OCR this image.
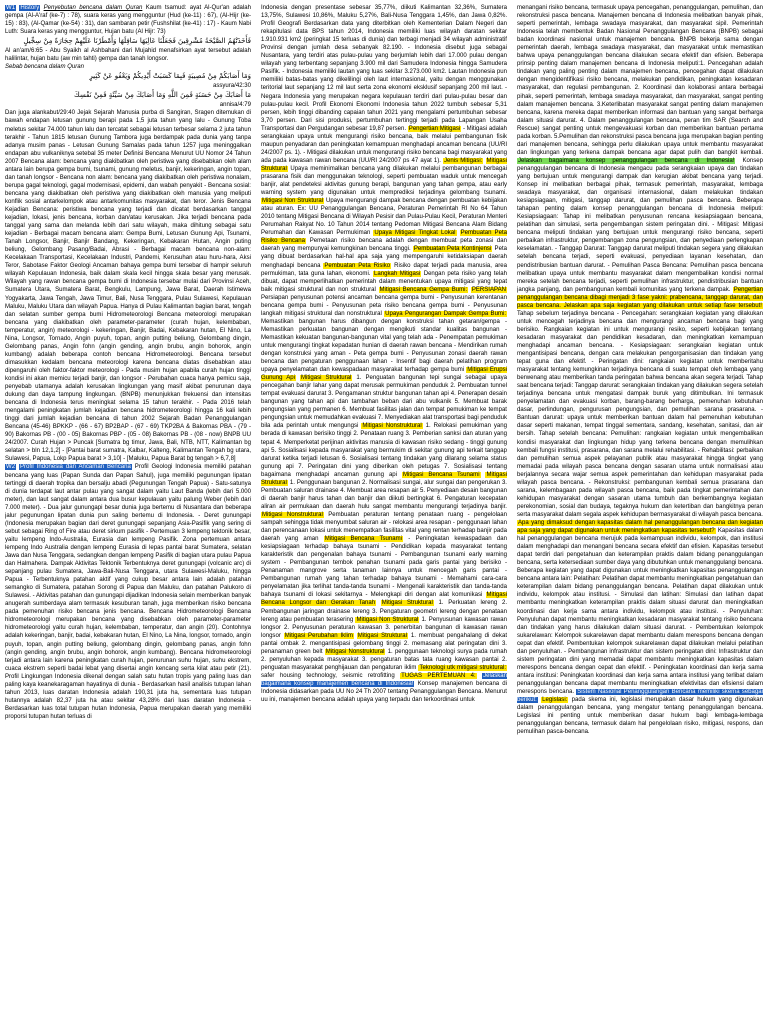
W1 History Penyebutan bencana dalam Quran Kaum tsamud: ayat Al-Qur'an adalah gempa (Al-A'raf (ke-7) : 78), suara keras yang mengguntur (Hud (ke-11) : 67), (Al-Hijr (ke-15) : 83), (Al-Qamar (ke-54) : 31), dan sambaran petir (Fushshilat (ke-41) : 17) - Kaum Nabi Luth: Suara keras yang mengguntur, Hujan batu (Al Hijr: 73)

فَأَخَذَتْهُمُ الصَّيْحَةُ مُشْرِقِينَ فَجَعَلْنَا عَالِيَهَا سَافِلَهَا وَأَمْطَرْنَا عَلَيْهِمْ حِجَارَةً مِنْ سِجِّيلٍ

Al an'am/6:65 - Abu Syaikh al Ashbahani dari Mujahid menafsirkan ayat tersebut adalah halilintar, hujan batu (aw min tahti) gempa dan tanah longsor.

Sebab bencana dalam Quran

وَمَا أَصَابَكُمْ مِنْ مُصِيبَةٍ فَبِمَا كَسَبَتْ أَيْدِيكُمْ وَيَعْفُو عَنْ كَثِيرٍ
assyura/42:30
مَا أَصَابَكَ مِنْ حَسَنَةٍ فَمِنَ اللَّهِ وَمَا أَصَابَكَ مِنْ سَيِّئَةٍ فَمِنْ نَفْسِكَ
annisa/4:79

Dan juga alankabut/29:40 Jejak Sejarah Manusia purba di Sangiran, Sragen ditemukan di bawah endapan letusan gunung berapi pada 1,5 juta tahun yang lalu - Gunung Toba meletus sekitar 74.000 tahun lalu dan tercatat sebagai letusan terbesar selama 2 juta tahun terakhir - Tahun 1815 letusan Gunung Tambora juga berdampak pada dunia yang tanpa adanya musim panas - Letusan Gunung Samalas pada tahun 1257 juga meninggalkan endapan abu vulkaniknya setebal 35 meter Definisi Bencana Menurut UU Nomor 24 Tahun 2007 Bencana alam: bencana yang diakibatkan oleh peristiwa yang disebabkan oleh alam antara lain berupa gempa bumi, tsunami, gunung meletus, banjir, kekeringan, angin topan, dan tanah longsor - Bencana non alam: bencana yang diakibatkan oleh peristiwa nonalam, berupa gagal teknologi, gagal modernisasi, epidemi, dan wabah penyakit - Bencana sosial: bencana yang diakibatkan oleh peristiwa yang diakibatkan oleh manusia yang meliputi konflik sosial antarkelompok atau antarkomunitas masyarakat, dan teror. Jenis Bencana Kejadian Bencana: peristiwa bencana yang terjadi dan dicatat berdasarkan tanggal kejadian, lokasi, jenis bencana, korban dan/atau kerusakan. Jika terjadi bencana pada tanggal yang sama dan melanda lebih dari satu wilayah, maka dihitung sebagai satu kejadian - Berbagai macam bencana alam: Gempa Bumi, Letusan Gunung Api, Tsunami, Tanah Longsor, Banjir, Banjir Bandang, Kekeringan, Kebakaran Hutan, Angin puting beliung, Gelombang Pasang/Badai, Abrasi - Berbagai macam bencana non-alam: Kecelakaan Transportasi, Kecelakaan Industri, Pandemi, Kerusuhan atau huru-hara, Aksi Teror, Sabotase Faktor Geologi Ancaman bahaya gempa bumi tersebar di hampir seluruh wilayah Kepulauan Indonesia, baik dalam skala kecil hingga skala besar yang merusak. Wilayah yang rawan bencana gempa bumi di Indonesia tersebar mulai dari Provinsi Aceh, Sumatera Utara, Sumatera Barat, Bengkulu, Lampung, Jawa Barat, Daerah Istimewa Yogyakarta, Jawa Tengah, Jawa Timur, Bali, Nusa Tenggara, Pulau Sulawesi, Kepulauan Maluku, Maluku Utara dan wilayah Papua. Hanya di Pulau Kalimantan bagian barat, tengah dan selatan sumber gempa bumi Hidrometeorologi Bencana meteorologi merupakan bencana yang diakibatkan oleh parameter-parameter (curah hujan, kelembaban, temperatur, angin) meteorologi - kekeringan, Banjir, Badai, Kebakaran hutan, El Nino, La Nina, Longsor, Tornado, Angin puyuh, topan, angin putting beliung, Gelombang dingin, Gelombang panas, Angin fohn (angin gending, angin brubu, angin bohorok, angin kumbang) adalah beberapa contoh bencana Hidrometeorologi. Bencana tersebut dimasukkan kedalam bencana meteorologi karena bencana diatas disebabkan atau dipengaruhi oleh faktor-faktor meteorologi - Pada musim hujan apabila curah hujan tinggi kondisi ini akan memicu terjadi banjir, dan longsor - Perubahan cuaca hanya pemicu saja, penyebab utamanya adalah kerusakan lingkungan yang masif akibat penurunan daya dukung dan daya tampung lingkungan. (BNPB) menunjukkan frekuensi dan intensitas bencana di Indonesia terus meningkat selama 15 tahun terakhir. - Pada 2016 telah mengalami peningkatan jumlah kejadian bencana hidrometeorologi hingga 16 kali lebih tinggi dari jumlah kejadian bencana di tahun 2002 Sejarah Badan Penanggulangan Bencana (45-46) BPKKP - (66 - 67) BP2BAP - (67 - 69) TKP2BA & Bakornas PBA - (79 - 90) Bakornas PB - (00 - 05) Bakornas PBP - (05 - 08) Bakornas PB - (08 - now) BNPB UU 24/2007. Curah Hujan > Puncak [Sumatra bg timur, Jawa, Bali, NTB, NTT, Kalimantan bg selatan > bln 12,1,2] - [Pantai barat sumatra, Kalbar, Kalteng, Kalimantan Tengah bg utara, Sulawesi, Papua, Lokp Papua barat > 3,10] - [Maluku, Papua Barat bg tengah > 6,7,8]

W2 Profil Indonesia dan Ancaman Bencana Profil Geologi Indonesia memiliki patahan bencana yang luas (Papan Sunda dan Papan Sahul), juga memiliki pegunungan lipatan tertinggi di daerah tropika dan bersalju abadi (Pegunungan Tengah Papua) - Satu-satunya di dunia terdapat laut antar pulau yang sangat dalam yaitu Laut Banda (lebih dari 5.000 meter), dan laut sangat dalam antara dua busur kepulauan yaitu palung Weber (lebih dari 7.000 meter). - Dua jalur gunungapi besar dunia juga bertemu di Nusantara dan beberapa jalur pegunungan lipatan dunia pun saling bertemu di Indonesia. - Deret gunungapi (Indonesia merupakan bagian dari deret gunungapi sepanjang Asia-Pasifik yang sering di sebut sebagai Ring of Fire atau deret sirkum pasifik - Pertemuan 3 lempeng tektonik besar, yaitu lempeng Indo-Australia, Eurasia dan lempeng Pasifik. Zona pertemuan antara lempeng Indo Australia dengan lempeng Eurasia di lepas pantai barat Sumatera, selatan Jawa dan Nusa Tenggara, sedangkan dengan lempeng Pasifik di bagian utara pulau Papua dan Halmahera. Dampak Aktivitas Tektonik Terbentuknya deret gunungapi (volcanic arc) di sepanjang pulau Sumatera, Jawa-Bali-Nusa Tenggara, utara Sulawesi-Maluku, hingga Papua - Terbentuknya patahan aktif yang cukup besar antara lain adalah patahan semangko di Sumatera, patahan Sorong di Papua dan Maluku, dan patahan Palukoro di Sulawesi. - Aktivitas patahan dan gunungapi dijadikan Indonesia selain memberikan banyak anugerah sumberdaya alam termasuk kesuburan tanah, juga memberikan risiko bencana pada pemenuhan risiko bencana jenis bencana. Bencana Hidrometeorologi Bencana hidrometeorologi merupakan bencana yang disebabkan oleh parameter-parameter hidrometeorologi yaitu curah hujan, kelembaban, temperatur, dan angin (20). Contohnya adalah kekeringan, banjir, badai, kebakaran hutan, El Nino, La Nina, longsor, tornado, angin puyuh, topan, angin putting beliung, gelombang dingin, gelombang panas, angin fohn (angin gending, angin brubu, angin bohorok, angin kumbang). Bencana hidrometeorologi terjadi antara lain karena peningkatan curah hujan, penurunan suhu hujan, suhu ekstrem, cuaca ekstrem seperti badai lebat yang disertai angin kencang serta kilat atau petir (21). Profil Lingkungan Indonesia dikenal dengan salah satu hutan tropis yang paling luas dan paling kaya keanekaragaman hayatinya di dunia - Berdasarkan hasil analisis tutupan lahan tahun 2013, luas daratan Indonesia adalah 190,31 juta ha, sementara luas tutupan hutannya adalah 82,37 juta ha atau sekitar 43,28% dari luas daratan Indonesia - Berdasarkan luas total tutupan hutan Indonesia, Papua merupakan daerah yang memiliki proporsi tutupan hutan terluas di

Indonesia dengan presentase sebesar 35,77%, diikuti Kalimantan 32,36%, Sumatera 13,75%, Sulawesi 10,86%, Maluku 5,27%, Bali-Nusa Tenggara 1,45%, dan Jawa 0,82%. Profil Geografi Berdasarkan data yang diterbitkan oleh Kementerian Dalam Negeri dan rekapitulasi data BPS tahun 2014, Indonesia memiliki luas wilayah daratan sekitar 1.910.931 km2 (peringkat 15 terluas di dunia) dan terbagi menjadi 34 wilayah administratif Provinsi dengan jumlah desa sebanyak 82.190. - Indonesia disebut juga sebagai Nusantara, yang terdiri atas pulau-pulau yang berjumlah lebih dari 17.000 pulau dengan wilayah yang terbentang sepanjang 3.900 mil dari Samudera Indonesia hingga Samudera Pasifik. - Indonesia memiliki lautan yang luas sekitar 3.273.000 km2. Lautan Indonesia pun memiliki batas-batas yang dikelilingi oleh laut internasional, yaitu dengan menggunakan teritorial laut sepanjang 12 mil laut serta zona ekonomi eksklusif sepanjang 200 mil laut. - Negara Indonesia yang merupakan negara kepulauan terdiri dari pulau-pulau besar dan pulau-pulau kecil. Profil Ekonomi Ekonomi Indonesia tahun 2022 tumbuh sebesar 5,31 persen, lebih tinggi dibanding capaian tahun 2021 yang mengalami pertumbuhan sebesar 3,70 persen. Dari sisi produksi, pertumbuhan tertinggi terjadi pada Lapangan Usaha Transportasi dan Pergudangan sebesar 19,87 persen. Pengertian Mitigasi - Mitigasi adalah serangkaian upaya untuk mengurangi risiko bencana, baik melalui pembangunan fisik maupun penyadaran dan peningkatan kemampuan menghadapi ancaman bencana (UU/RI 24/2007 ps. 1). - Mitigasi dilakukan untuk mengurangi risiko bencana bagi masyarakat yang ada pada kawasan rawan bencana (UU/RI 24/2007 ps 47 ayat 1). Jenis Mitigasi: Mitigasi Struktural Upaya meminimalkan bencana yang dilakukan melalui pembangunan berbagai prasarana fisik dan menggunakan teknologi, seperti pembuatan waduk untuk mencegah banjir, alat pendeteksi aktivitas gunung berapi, bangunan yang tahan gempa, atau early warning system yang digunakan untuk memprediksi terjadinya gelombang tsunami. Mitigasi Non Struktural Upaya mengurangi dampak bencana dengan pembuatan kebijakan atau aturan. Ex: UU Penanggulangan Bencana, Peraturan Pemerintah RI No 64 Tahun 2010 tentang Mitigasi Bencana di Wilayah Pesisir dan Pulau-Pulau Kecil, Peraturan Menteri Perumahan Rakyat No. 10 Tahun 2014 tentang Pedoman Mitigasi Bencana Alam Bidang Perumahan dan Kawasan Permukiman Upaya Mitigasi Tingkat Lokal Pembuatan Peta Risiko Bencana Pemetaan risiko bencana adalah dengan membuat peta zonasi dan daerah yang mempunyai kemungkinan bencana tinggi. Pembuatan Peta Kontinjensi Peta yang dibuat berdasarkan hal-hal apa saja yang mempengaruhi ketidaksiapan daerah menghadapi bencana Pembuatan Peta Risiko Risiko dapat terjadi pada manusia, area permukiman, tata guna lahan, ekonomi. Langkah Mitigasi Dengan peta risiko yang telah dibuat, dapat memperlihatkan pemerintah dalam menentukan upaya mitigasi yang tepat baik mitigasi struktural dan non struktural Mitigasi Bencana Gempa Bumi: PERSIAPAN Persiapan penyusunan potensi ancaman bencana gempa bumi - Penyusunan kerentanan bencana gempa bumi - Penyusunan peta risiko bencana gempa bumi - Penyusunan langkah mitigasi struktural dan nonstruktural Upaya Pengurangan Dampak Gempa Bumi: Memastikan bangunan harus dibangun dengan konstruksi tahan getaran/gempa - Memastikan perkuatan bangunan dengan mengikuti standar kualitas bangunan - Memastikan kekuatan bangunan-bangunan vital yang telah ada - Penempatan pemukiman untuk mengurangi tingkat kepadatan hunian di daerah rawan bencana - Mendirikan rumah dengan konstruksi yang aman - Peta gempa bumi - Penyusunan zonasi daerah rawan bencana dan pengaturan penggunaan lahan - Insentif bagi daerah pelatihan program upaya penyelamatan dan kewaspadaan masyarakat terhadap gempa bumi Mitigasi Erupsi Gunung Api Mitigasi Struktural 1. Penguatan bangunan tepi sungai sebagai upaya pencegahan banjir lahar yang dapat merusak permukiman penduduk 2. Pembuatan tunnel tempat evakuasi darurat 3. Pengamanan struktur bangunan tahan api 4. Penerapan desain bangunan yang tahan api dan tambahan beban dari abu vulkanik 5. Membuat barak pengungsian yang permanen 6. Membuat fasilitas jalan dan tempat pemukiman ke tempat pengungsian untuk memudahkan evakuasi 7. Menyediakan alat transportasi bagi penduduk bila ada perintah untuk mengungsi Mitigasi Nonstruktural 1. Relokasi pemukiman yang berada di kawasan berisiko tinggi 2. Penataan ruang 3. Pemberian sanksi dan aturan yang tepat 4. Memperketat perijinan aktivitas manusia di kawasan risiko sedang - tinggi gunung api 5. Sosialisasi kepada masyarakat yang bermukim di sekitar gunung api terkait tanggap darurat ketika terjadi letusan 6. Sosialisasi tentang tindakan yang dilarang selama status gunung api 7. Peringatan dini yang diberikan oleh petugas 7. Sosialisasi tentang bagaimana menghadapi ancaman gunung api Mitigasi Bencana Tsunami Mitigasi Struktural 1. Penggunaan bangunan 2. Normalisasi sungai, alur sungai dan pengerukan 3. Pembuatan saluran drainase 4. Membuat area resapan air 5. Penyediaan desain bangunan di daerah banjir harus tahan dan banjir dan diikuti bertingkat 6. Pengaturan kecepatan aliran air permukaan dan daerah hulu sangat membantu mengurangi terjadinya banjir. Mitigasi Nonstruktural Pembuatan peraturan tentang penataan ruang - pengelolaan sampah sehingga tidak menyumbat saluran air - relokasi area resapan - penggunaan lahan dan perencanaan lokasi untuk menempatkan fasilitas vital yang rentan terhadap banjir pada daerah yang aman Mitigasi Bencana Tsunami - Peningkatan kewaspadaan dan kesiapsiagaan terhadap bahaya tsunami - Pendidikan kepada masyarakat tentang karakteristik dan pengenalan bahaya tsunami - Pembangunan tsunami early warning system - Pembangunan tembok penahan tsunami pada garis pantai yang berisiko - Penanaman mangrove serta tanaman lainnya untuk mencegah garis pantai - Pembangunan rumah yang tahan terhadap bahaya tsunami - Memahami cara-cara penyelamatan jika terlihat tanda-tanda tsunami - Mengenali karakteristik dan tanda-tanda bahaya tsunami di lokasi sekitarnya - Melengkapi diri dengan alat komunikasi Mitigasi Bencana Longsor dan Gerakan Tanah Mitigasi Struktural 1. Perkuatan lereng 2. Pembangunan jaringan drainase lereng 3. Pengaturan geometri lereng dengan penataan lereng atau pembuatan terasering Mitigasi Non Struktural 1. Penyusunan kawasan rawan longsor 2. Penyusunan peraturan kawasan 3. penerbitan bangunan di kawasan rawan longsor Mitigasi Perubahan Iklim Mitigasi Struktural 1. membuat pengahalang di dekat pantai ombak 2. mengantisipasi gelombang tinggi 2. memasang alat peringatan dini 3. penanaman green belt Mitigasi Nonstruktural 1. penggunaan teknologi surya pada rumah 2. penyuluhan kepada masyarakat 3. pengaturan batas tata ruang kawasan pantai 2. penguatan masyarakat penghijauan dan pengaturan iklim Teknologi utk mitigasi struktural: safer housing technology, seismic retrofitting TUGAS PERTEMUAN 4: Jelaskan bagaimana konsep manajemen bencana di Indonesia! Konsep manajemen bencana di Indonesia didasarkan pada UU No 24 Th 2007 tentang Penanggulangan Bencana. Menurut uu ini, manajemen bencana adalah upaya yang terpadu dan terkoordinasi untuk

menangani risiko bencana, termasuk upaya pencegahan, penanggulangan, pemulihan, dan rekonstruksi pasca bencana. Manajemen bencana di Indonesia melibatkan banyak pihak, seperti pemerintah, lembaga swadaya masyarakat, dan masyarakat sipil. Pemerintah Indonesia telah membentuk Badan Nasional Penanggulangan Bencana (BNPB) sebagai badan koordinasi nasional untuk manajemen bencana. BNPB bekerja sama dengan pemerintah daerah, lembaga swadaya masyarakat, dan masyarakat untuk memastikan bahwa upaya penanggulangan bencana dilakukan secara efektif dan efisien. Beberapa prinsip penting dalam manajemen bencana di Indonesia meliputi:1. Pencegahan adalah tindakan yang paling penting dalam manajemen bencana, pencegahan dapat dilakukan dengan mengidentifikasi risiko bencana, melakukan pendidikan, peningkatan kesadaran masyarakat, dan regulasi pembangunan. 2. Koordinasi dan kolaborasi antara berbagai pihak, seperti pemerintah, lembaga swadaya masyarakat, dan masyarakat, sangat penting dalam manajemen bencana. 3.Keterlibatan masyarakat sangat penting dalam manajemen bencana, karena mereka dapat memberikan informasi dan bantuan yang sangat berharga dalam situasi darurat. 4. Dalam penanggulangan bencana, peran tim SAR (Search and Rescue) sangat penting untuk mengevakuasi korban dan memberikan bantuan pertama pada korban. 5.Pemulihan dan rekonstruksi pasca bencana juga merupakan bagian penting dari manajemen bencana, sehingga perlu dilakukan upaya untuk membantu masyarakat dan lingkungan yang terkena dampak bencana agar dapat pulih dan bangkit kembali. Jelaskan bagaimana konsep penanggulangan bencana di Indonesia! Konsep penanggulangan bencana di Indonesia mengacu pada serangkaian upaya dan tindakan yang bertujuan untuk mengurangi dampak dan kerugian akibat bencana yang terjadi. Konsep ini melibatkan berbagai pihak, termasuk pemerintah, masyarakat, lembaga swadaya masyarakat, dan organisasi internasional, dalam melakukan tindakan kesiapsiagaan, mitigasi, tanggap darurat, dan pemulihan pasca bencana. Beberapa tahapan penting dalam konsep penanggulangan bencana di Indonesia meliputi: Kesiapsiagaan: Tahap ini melibatkan penyusunan rencana kesiapsiagaan bencana, pelatihan dan simulasi, serta pengembangan sistem peringatan dini. - Mitigasi: Mitigasi bencana meliputi tindakan yang bertujuan untuk mengurangi risiko bencana, seperti perbaikan infrastruktur, pengembangan zona pengungsian, dan penyediaan perlengkapan keselamatan. - Tanggap Darurat: Tanggap darurat meliputi tindakan segera yang dilakukan setelah bencana terjadi, seperti evakuasi, penyediaan layanan kesehatan, dan pendistribusian bantuan darurat. - Pemulihan Pasca Bencana: Pemulihan pasca bencana melibatkan upaya untuk membantu masyarakat dalam mengembalikan kondisi normal mereka setelah bencana terjadi, seperti pemulihan infrastruktur, pendistribusian bantuan jangka panjang, dan pembangunan kembali komunitas yang terkena dampak. Pengertian penanggulangan bencana dibagi menjadi 3 fase yakni: prabencana, tanggap darurat, dan pasca bencana. Jelaskan apa saja kegiatan yang dilakukan untuk setiap fase tersebut! Tahap sebelum terjadinya bencana - Pencegahan: serangkaian kegiatan yang dilakukan untuk mencegah terjadinya bencana dan mengurangi ancaman bencana bagi yang berisiko. Rangkaian kegiatan ini untuk mengurangi resiko, seperti kebijakan tentang kesadaran masyarakat dan pendidikan kesadaran, dan meningkatkan kemampuan menghadapi ancaman bencana. - Kesiapsiagaan: serangkaian kegiatan untuk mengantisipasi bencana, dengan cara melakukan pengorganisasian dan tindakan yang tepat guna dan efektif. - Peringatan dini: rangkaian kegiatan untuk memberitahu masyarakat tentang kemungkinan terjadinya bencana di suatu tempat oleh lembaga yang berwenang atau memberikan tanda peringatan bahwa bencana akan segera terjadi. Tahap saat bencana terjadi: Tanggap darurat: serangkaian tindakan yang dilakukan segera setelah terjadinya bencana untuk mengatasi dampak buruk yang ditimbulkan. Ini termasuk penyelamatan dan evakuasi korban, barang-barang berharga, pemenuhan kebutuhan dasar, perlindungan, pengurusan pengungsian, dan pemulihan sarana prasarana. - Bantuan darurat: upaya untuk memberikan bantuan dalam hal pemenuhan kebutuhan dasar seperti makanan, tempat tinggal sementara, sandang, kesehatan, sanitasi, dan air bersih. Tahap setelah bencana: Pemulihan: rangkaian kegiatan untuk mengembalikan kondisi masyarakat dan lingkungan hidup yang terkena bencana dengan memulihkan kembali fungsi institusi, prasarana, dan sarana melalui rehabilitasi. - Rehabilitasi: perbaikan dan pemulihan semua aspek pelayanan publik atau masyarakat hingga tingkat yang memadai pada wilayah pasca bencana dengan sasaran utama untuk normalisasi atau berjalannya secara wajar semua aspek pemerintahan dan kehidupan masyarakat pada wilayah pasca bencana. - Rekonstruksi: pembangunan kembali semua prasarana dan sarana, kelembagaan pada wilayah pasca bencana, baik pada tingkat pemerintahan dan kehidupan masyarakat dengan sasaran utama tumbuh dan berkembangnya kegiatan perekonomian, sosial dan budaya, tegaknya hukum dan ketertiban dan bangkitnya peran serta masyarakat dalam segala aspek kehidupan bermasyarakat di wilayah pasca bencana. Apa yang dimaksud dengan kapasitas dalam hal penanggulangan bencana dan kegiatan apa saja yang dapat digunakan untuk meningkatkan kapasitas tersebut? Kapasitas dalam hal penanggulangan bencana merujuk pada kemampuan individu, kelompok, dan institusi dalam menghadapi dan menangani bencana secara efektif dan efisien. Kapasitas tersebut dapat terdiri dari pengetahuan dan keterampilan praktis dalam bidang penanggulangan bencana, serta ketersediaan sumber daya yang dibutuhkan untuk menanggulangi bencana. Beberapa kegiatan yang dapat digunakan untuk meningkatkan kapasitas penanggulangan bencana antara lain: Pelatihan: Pelatihan dapat membantu meningkatkan pengetahuan dan keterampilan dalam bidang penanggulangan bencana. Pelatihan dapat dilakukan untuk individu, kelompok atau institusi. - Simulasi dan latihan: Simulasi dan latihan dapat membantu meningkatkan keterampilan praktis dalam situasi darurat dan meningkatkan koordinasi dan kerja sama antara individu, kelompok atau institusi. - Penyuluhan: Penyuluhan dapat membantu meningkatkan kesadaran masyarakat tentang risiko bencana dan tindakan yang harus dilakukan dalam situasi darurat. - Pembentukan kelompok sukarelawan: Kelompok sukarelawan dapat membantu dalam merespons bencana dengan cepat dan efektif. Pembentukan kelompok sukarelawan dapat dilakukan melalui pelatihan dan penyuluhan. - Pembangunan infrastruktur dan sistem peringatan dini: Infrastruktur dan sistem peringatan dini yang memadai dapat membantu meningkatkan kapasitas dalam merespons bencana dengan cepat dan efektif. - Peningkatan koordinasi dan kerja sama antara institusi: Peningkatan koordinasi dan kerja sama antara institusi yang terlibat dalam penanggulangan bencana dapat membantu meningkatkan efektivitas dan efisiensi dalam merespons bencana. Sistem Nasional Penanggulangan Bencana memiliki skema sebagai berikut: Legislasi: pada skema ini, legislasi merupakan dasar hukum yang digunakan dalam penanggulangan bencana, yang mengatur tentang penanggulangan bencana. Legislasi ini penting untuk memberikan dasar hukum bagi lembaga-lembaga penanggulangan bencana, termasuk dalam hal pengelolaan risiko, mitigasi, respons, dan pemulihan pasca-bencana.
